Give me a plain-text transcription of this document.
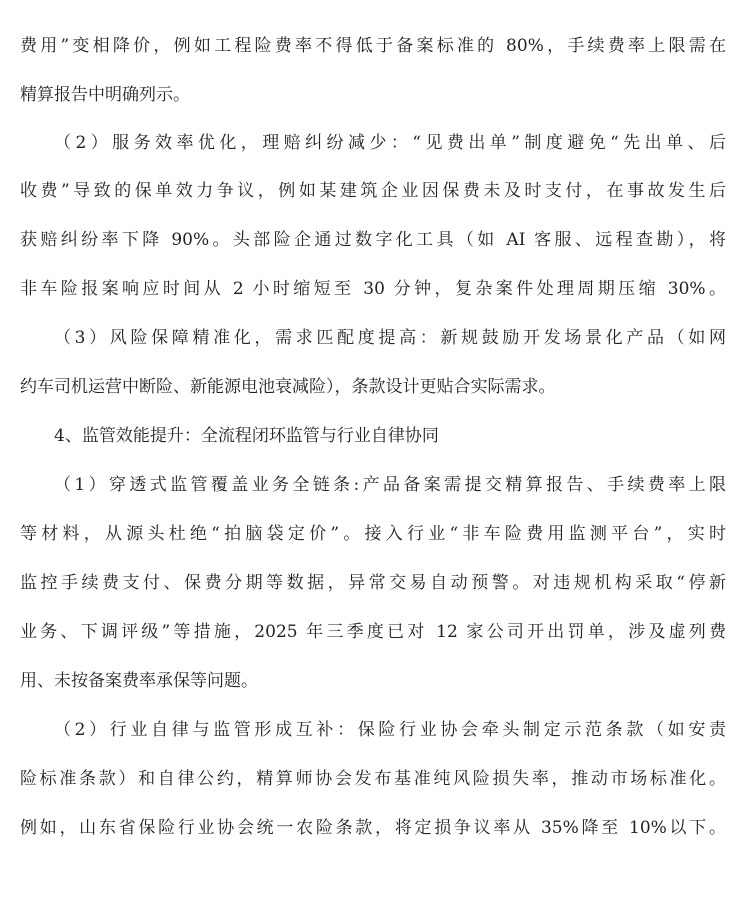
费用”变相降价，例如工程险费率不得低于备案标准的 80%，手续费率上限需在
精算报告中明确列示。
（2）服务效率优化，理赔纠纷减少：“见费出单”制度避免“先出单、后
收费”导致的保单效力争议，例如某建筑企业因保费未及时支付，在事故发生后
获赔纠纷率下降 90%。头部险企通过数字化工具（如 AI 客服、远程查勘），将
非车险报案响应时间从 2 小时缩短至 30 分钟，复杂案件处理周期压缩 30%。
（3）风险保障精准化，需求匹配度提高：新规鼓励开发场景化产品（如网
约车司机运营中断险、新能源电池衰减险），条款设计更贴合实际需求。
4、监管效能提升：全流程闭环监管与行业自律协同
（1）穿透式监管覆盖业务全链条:产品备案需提交精算报告、手续费率上限
等材料，从源头杜绝“拍脑袋定价”。接入行业“非车险费用监测平台”，实时
监控手续费支付、保费分期等数据，异常交易自动预警。对违规机构采取“停新
业务、下调评级”等措施，2025 年三季度已对 12 家公司开出罚单，涉及虚列费
用、未按备案费率承保等问题。
（2）行业自律与监管形成互补：保险行业协会牵头制定示范条款（如安责
险标准条款）和自律公约，精算师协会发布基准纯风险损失率，推动市场标准化。
例如，山东省保险行业协会统一农险条款，将定损争议率从 35%降至 10%以下。
